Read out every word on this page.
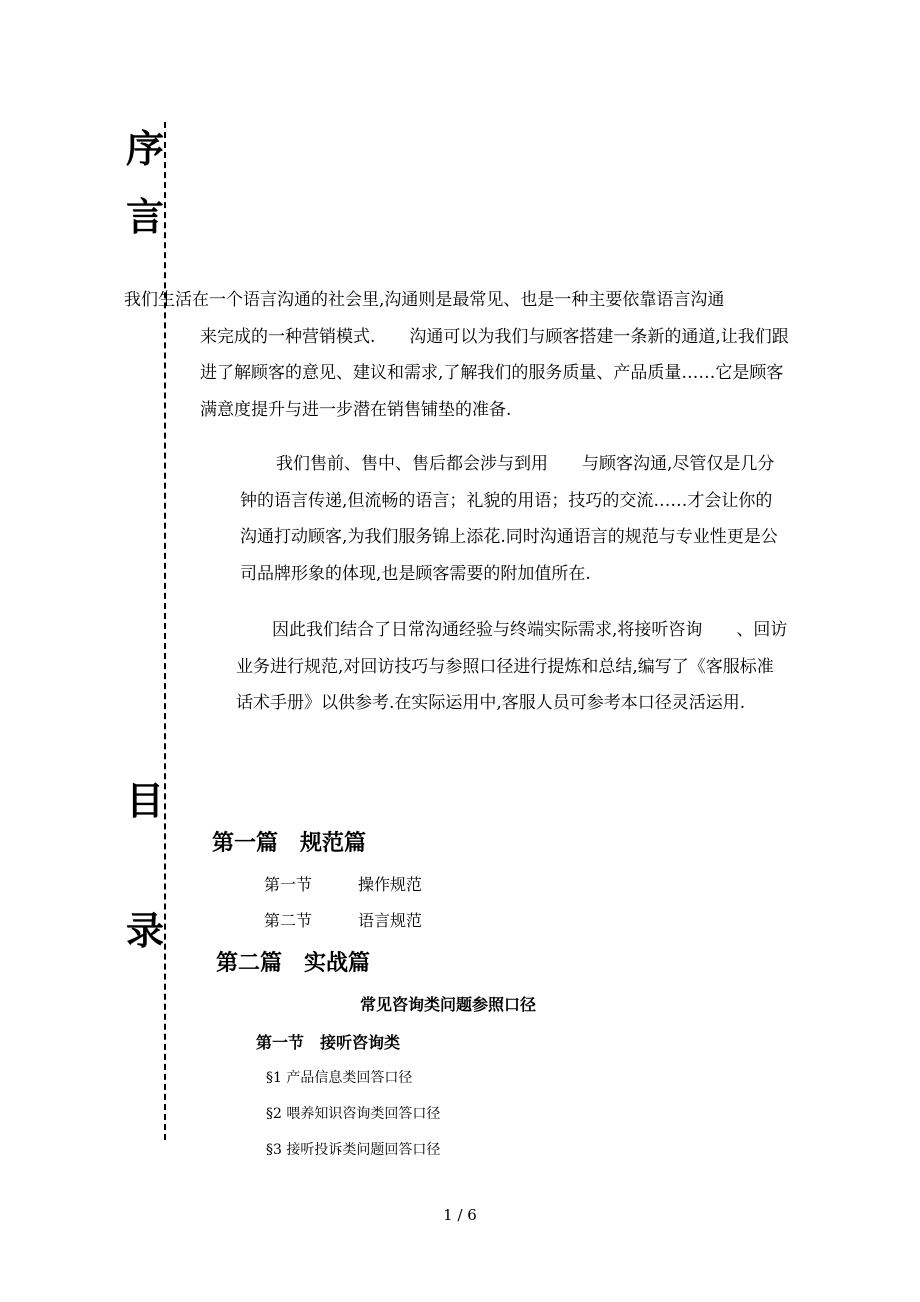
序
言
目
录

我们生活在一个语言沟通的社会里,沟通则是最常见、也是一种主要依靠语言沟通
来完成的一种营销模式.　　沟通可以为我们与顾客搭建一条新的通道,让我们跟进了解顾客的意见、建议和需求,了解我们的服务质量、产品质量……它是顾客满意度提升与进一步潜在销售铺垫的准备.

我们售前、售中、售后都会涉与到用　　与顾客沟通,尽管仅是几分钟的语言传递,但流畅的语言；礼貌的用语；技巧的交流……才会让你的沟通打动顾客,为我们服务锦上添花.同时沟通语言的规范与专业性更是公司品牌形象的体现,也是顾客需要的附加值所在.

因此我们结合了日常沟通经验与终端实际需求,将接听咨询　　、回访业务进行规范,对回访技巧与参照口径进行提炼和总结,编写了《客服标准话术手册》以供参考.在实际运用中,客服人员可参考本口径灵活运用.

第一篇　规范篇
第一节	操作规范
第二节	语言规范
第二篇　实战篇
常见咨询类问题参照口径
第一节　接听咨询类
§1 产品信息类回答口径
§2 喂养知识咨询类回答口径
§3 接听投诉类问题回答口径
1 / 6
